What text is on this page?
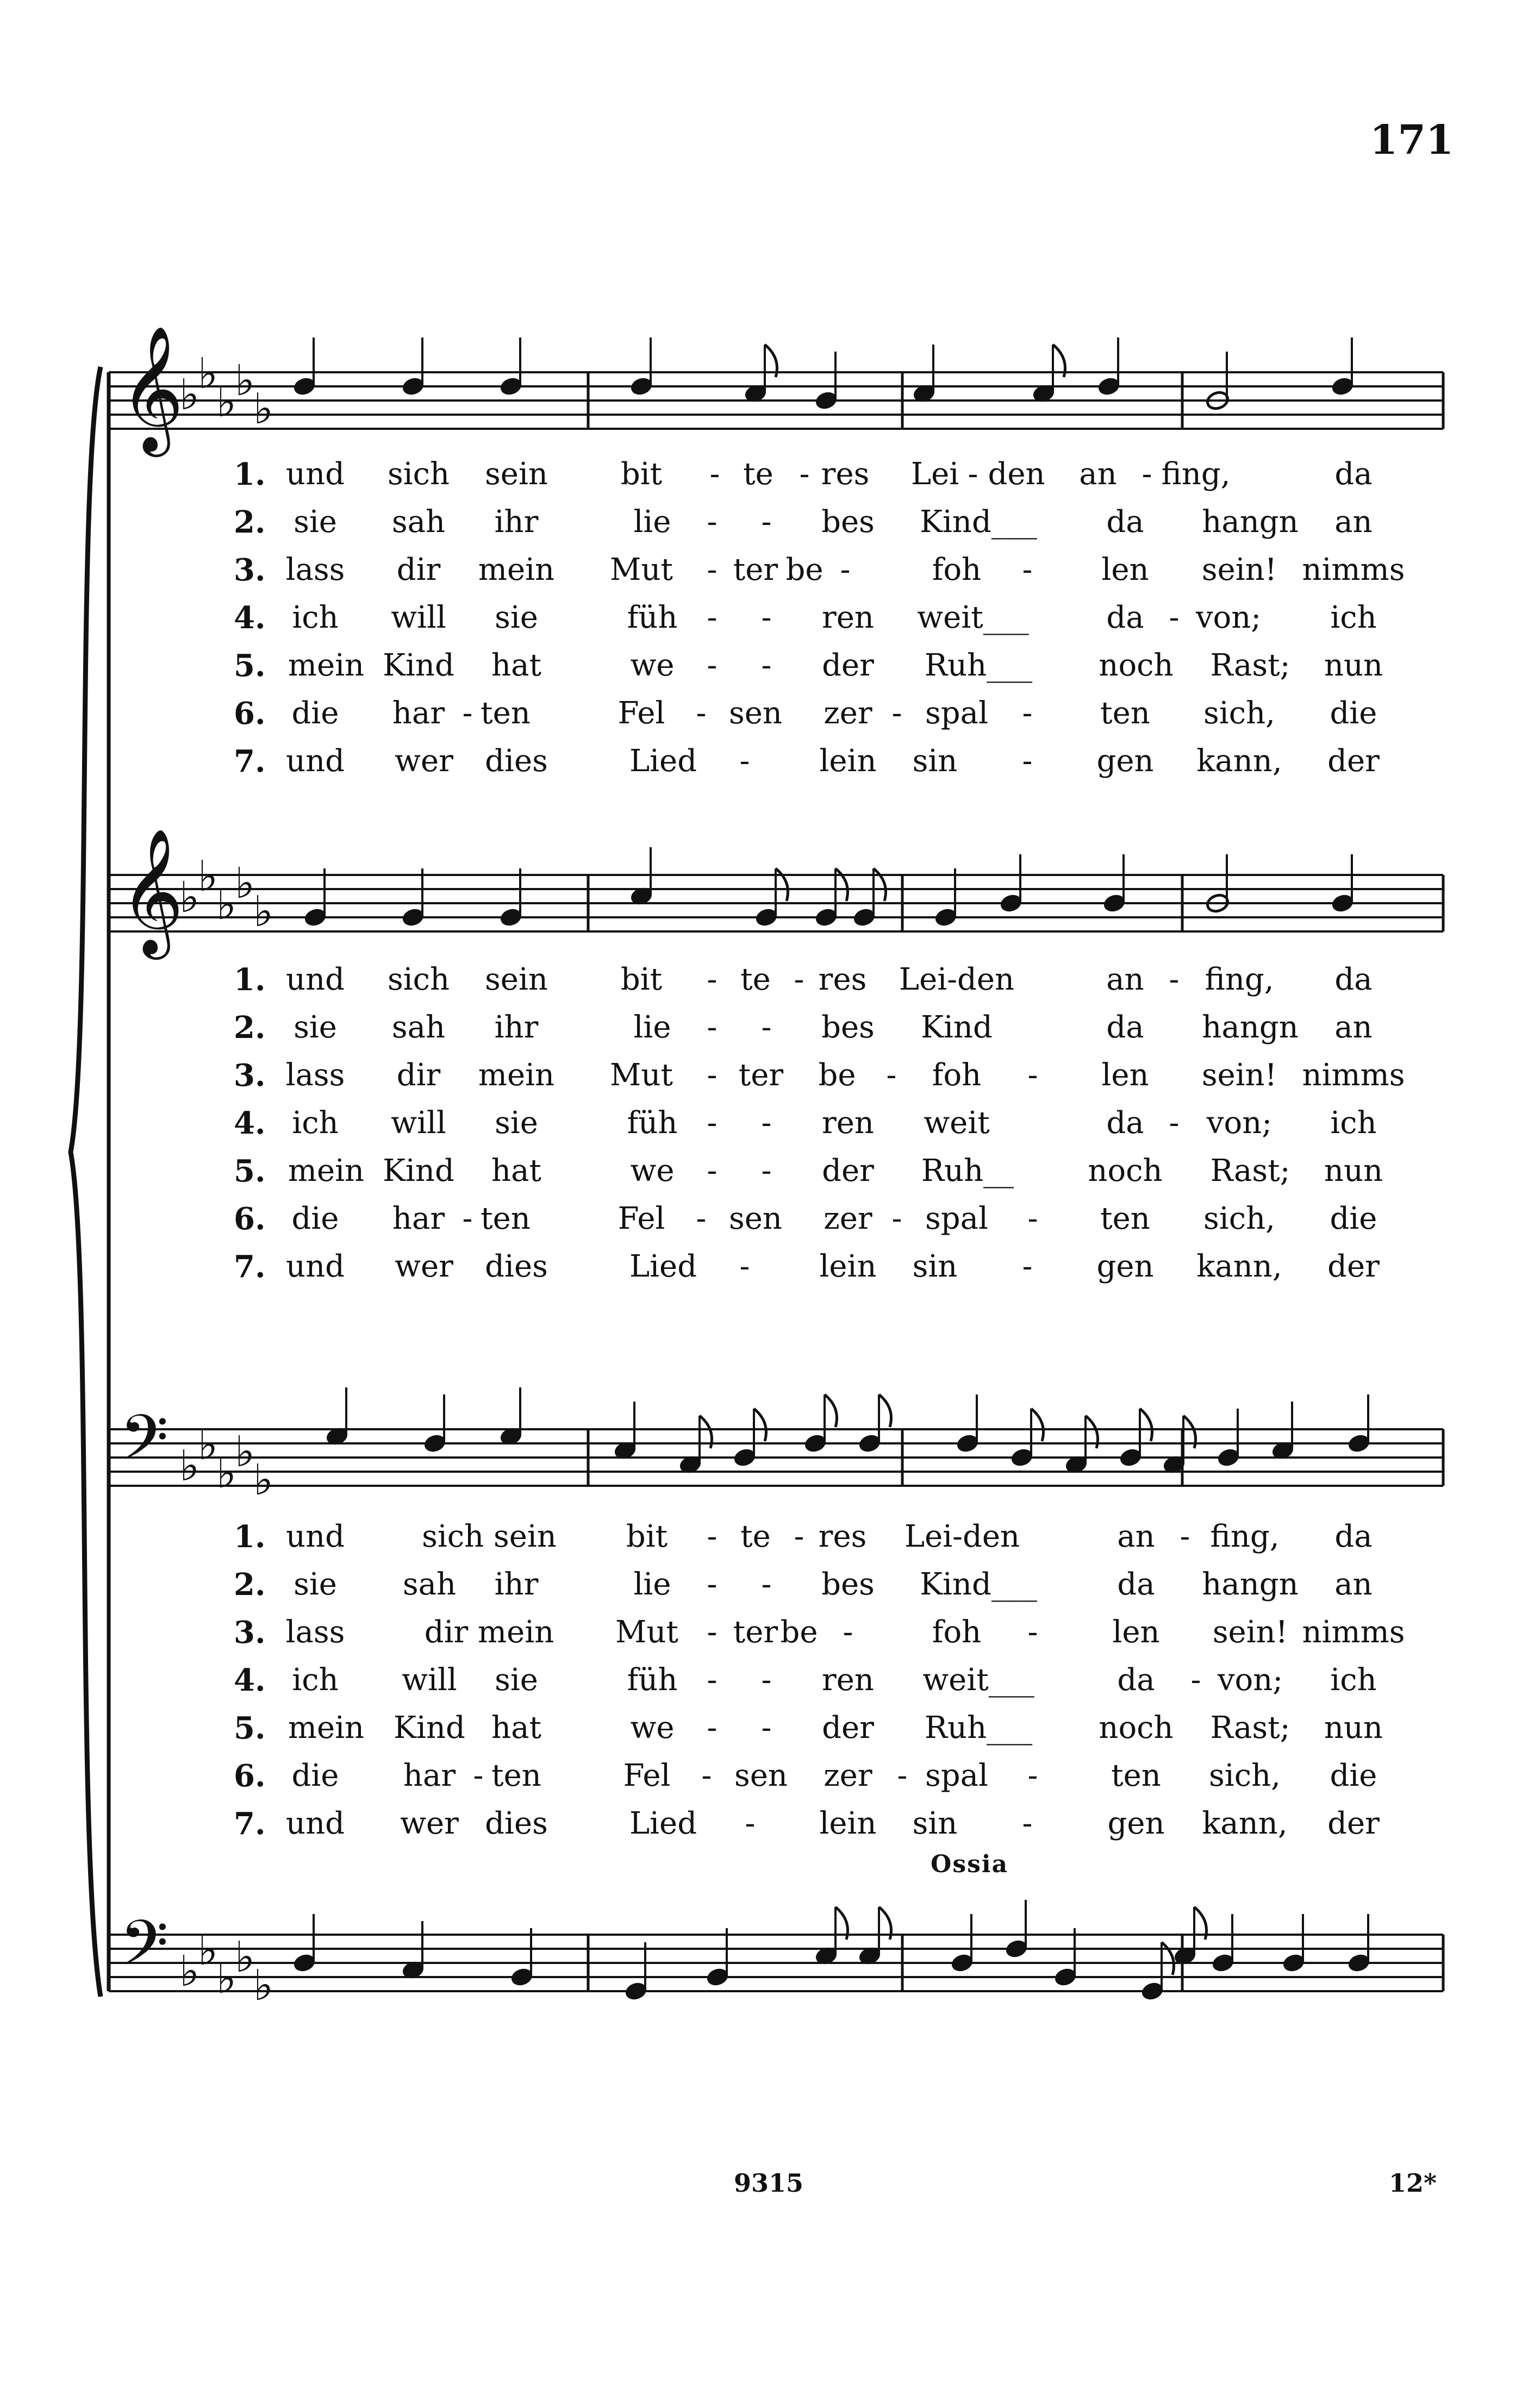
171
𝄞
♭
♭
♭
♭
♭
𝄞
♭
♭
♭
♭
♭
𝄢 ♭
♭
♭
♭
♭
𝄢 ♭
♭
♭
♭
♭
1. und sich sein bit - te - res Lei - den an - fing,	da
2. sie sah ihr	lie - - bes Kind___ da hangn an
3. lass dir mein Mut - ter be -	foh - len sein! nimms
4. ich will sie	füh - - ren weit___	da - von; ich
5. mein Kind hat	we - - der Ruh___ noch Rast; nun
6. die har - ten	Fel - sen zer - spal - ten sich, die
7. und wer dies	Lied - lein sin - gen kann, der
1. und sich sein bit - te - res Lei-den	an - fing, da
2. sie sah ihr	lie - - bes Kind	da hangn an
3. lass dir mein Mut - ter be - foh - len sein! nimms
4. ich will sie	füh - - ren weit	da - von; ich
5. mein Kind hat	we - - der Ruh__ noch Rast; nun
6. die har - ten	Fel - sen zer - spal - ten sich, die
7. und wer dies	Lied - lein sin - gen kann, der
1. und	sich sein bit - te - res Lei-den	an - fing, da
2. sie sah ihr	lie - - bes Kind___	da hangn an
3. lass	dir mein Mut - ter be -	foh - len sein! nimms
4. ich will sie	füh - - ren weit___	da - von; ich
5. mein Kind hat	we - - der Ruh___ noch Rast; nun
6. die har - ten	Fel - sen zer - spal - ten sich, die
7. und wer dies	Lied - lein sin - gen kann, der
Ossia
9315	12*
